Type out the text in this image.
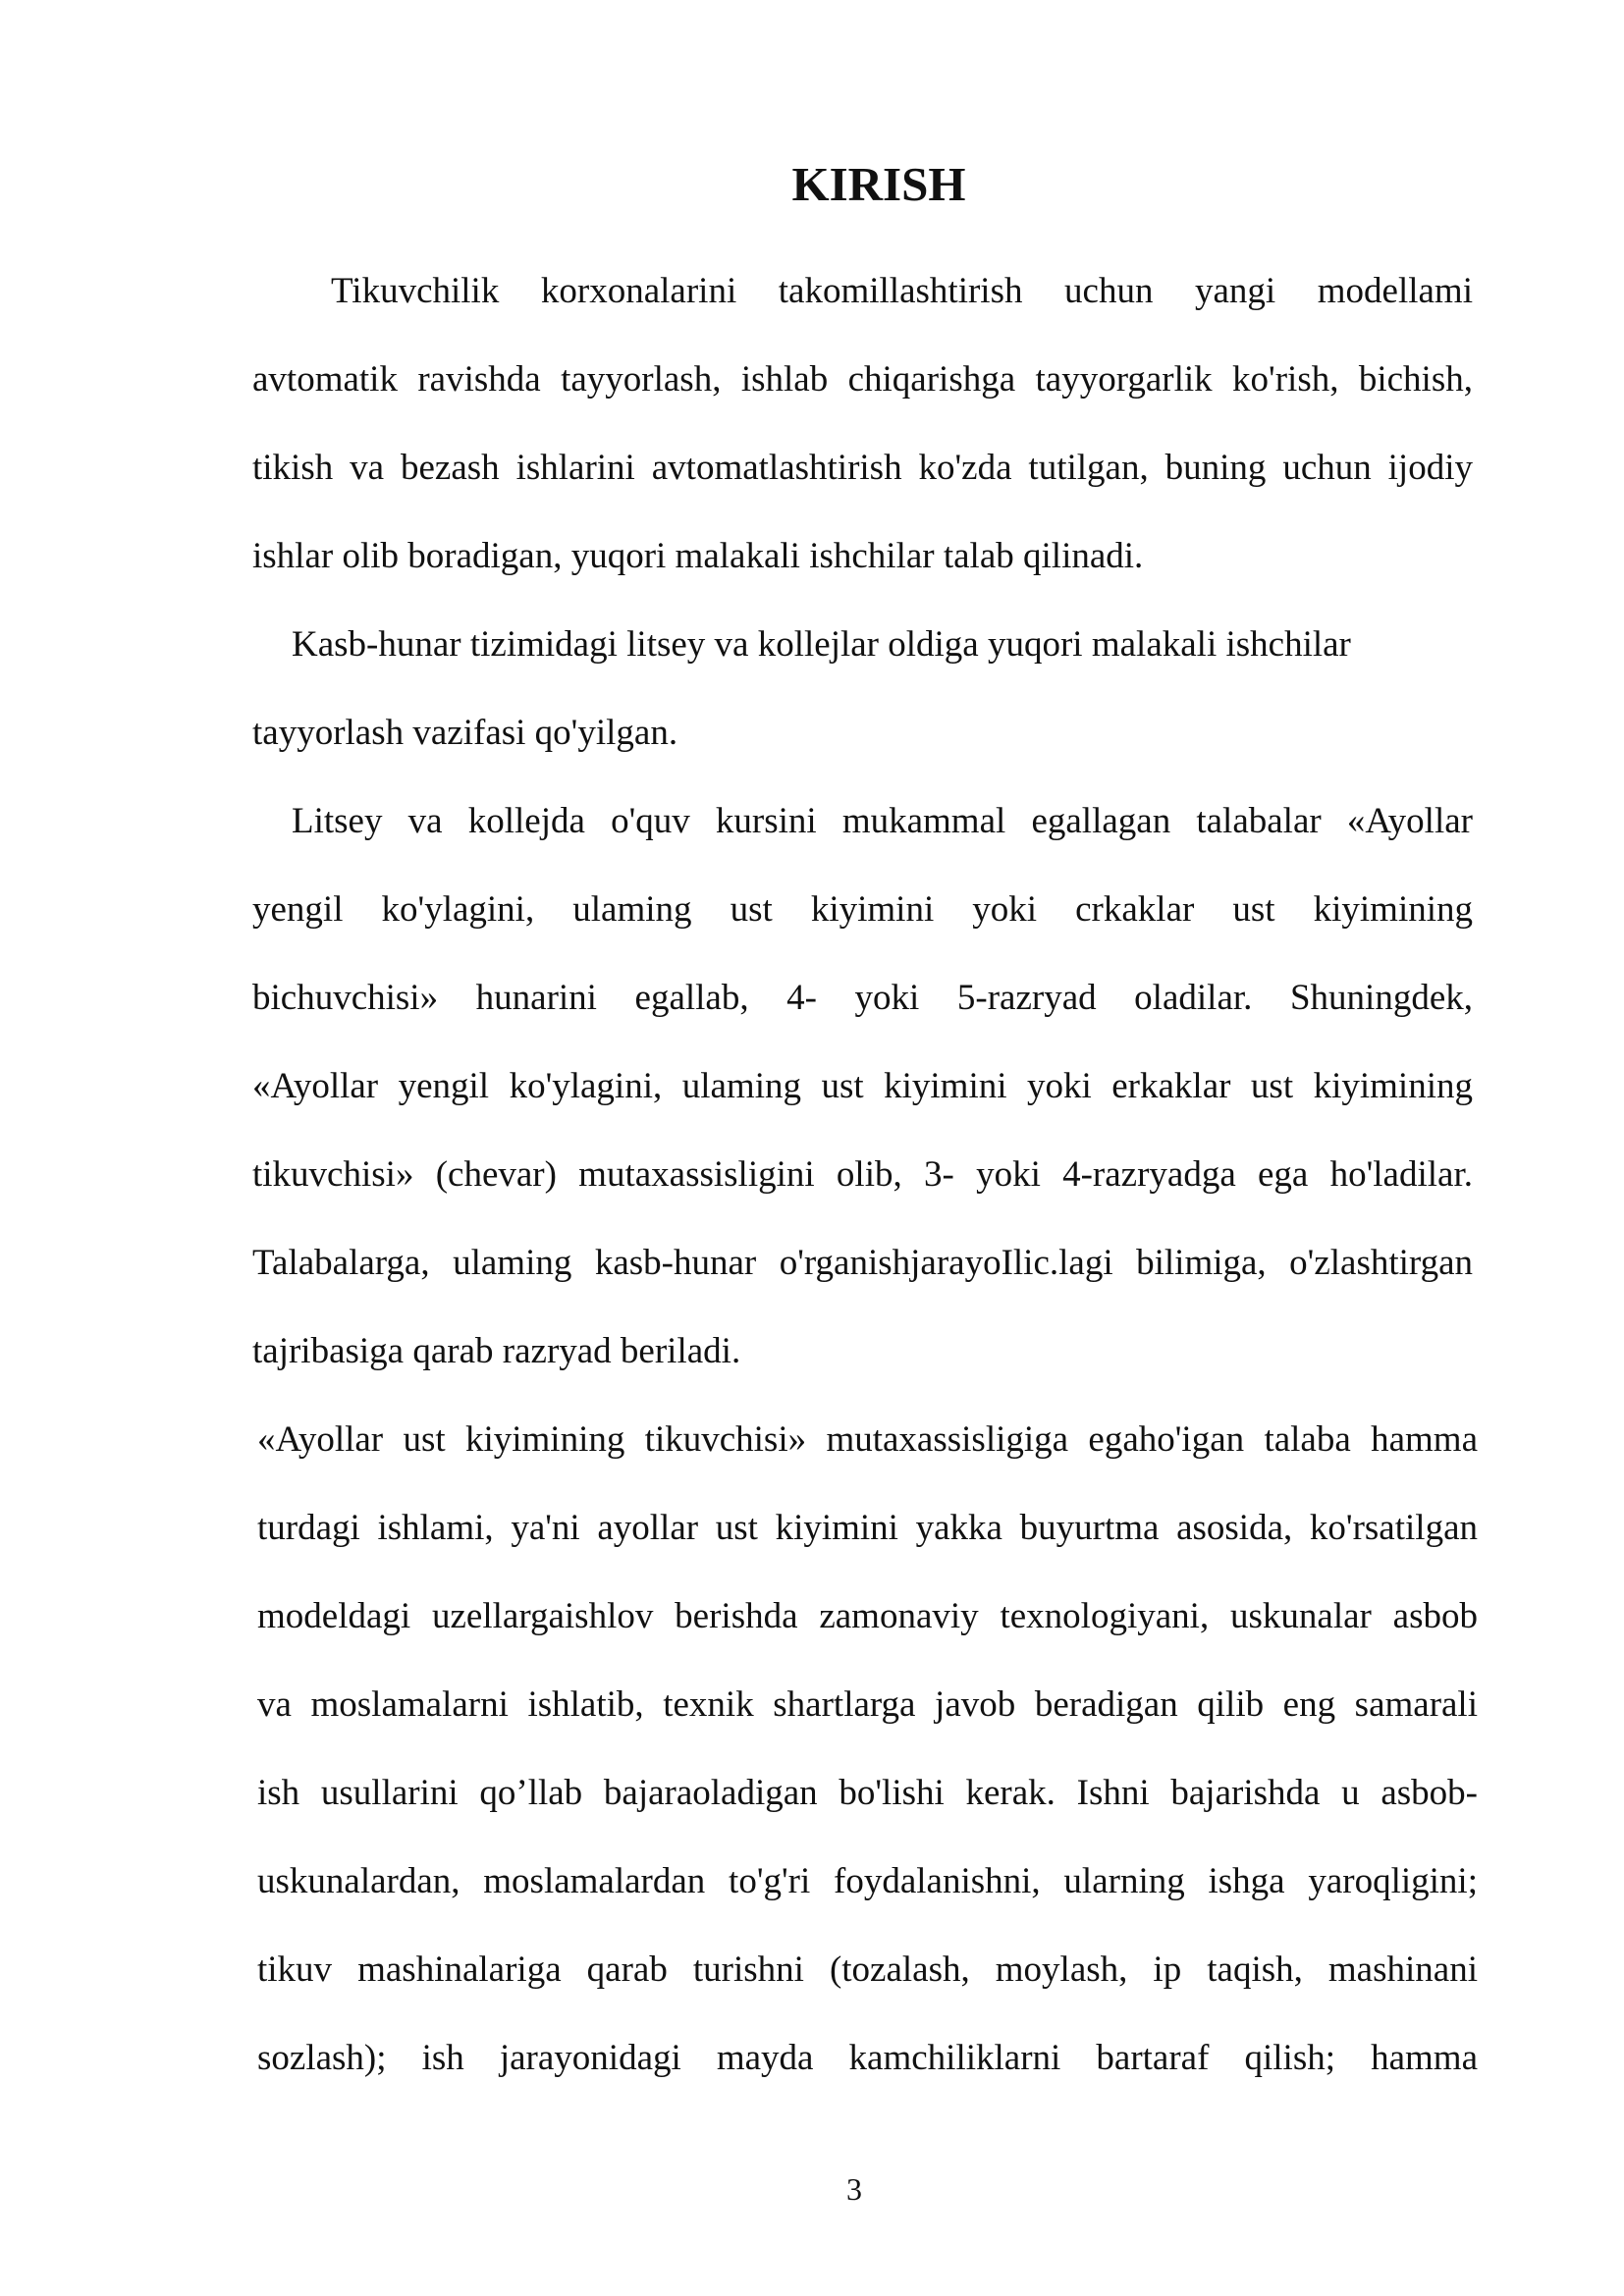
KIRISH
Tikuvchilik korxonalarini takomillashtirish uchun yangi modellami
avtomatik ravishda tayyorlash, ishlab chiqarishga tayyorgarlik ko'rish, bichish,
tikish va bezash ishlarini avtomatlashtirish ko'zda tutilgan, buning uchun ijodiy
ishlar olib boradigan, yuqori malakali ishchilar talab qilinadi.
Kasb-hunar tizimidagi litsey va kollejlar oldiga yuqori malakali ishchilar
tayyorlash vazifasi qo'yilgan.
Litsey va kollejda o'quv kursini mukammal egallagan talabalar «Ayollar
yengil ko'ylagini, ulaming ust kiyimini yoki crkaklar ust kiyimining
bichuvchisi» hunarini egallab, 4- yoki 5-razryad oladilar. Shuningdek,
«Ayollar yengil ko'ylagini, ulaming ust kiyimini yoki erkaklar ust kiyimining
tikuvchisi» (chevar) mutaxassisligini olib, 3- yoki 4-razryadga ega ho'ladilar.
Talabalarga, ulaming kasb-hunar o'rganishjarayoIlic.lagi bilimiga, o'zlashtirgan
tajribasiga qarab razryad beriladi.
«Ayollar ust kiyimining tikuvchisi» mutaxassisligiga egaho'igan talaba hamma
turdagi ishlami, ya'ni ayollar ust kiyimini yakka buyurtma asosida, ko'rsatilgan
modeldagi uzellargaishlov berishda zamonaviy texnologiyani, uskunalar asbob
va moslamalarni ishlatib, texnik shartlarga javob beradigan qilib eng samarali
ish usullarini qo’llab bajaraoladigan bo'lishi kerak. Ishni bajarishda u asbob-
uskunalardan, moslamalardan to'g'ri foydalanishni, ularning ishga yaroqligini;
tikuv mashinalariga qarab turishni (tozalash, moylash, ip taqish, mashinani
sozlash); ish jarayonidagi mayda kamchiliklarni bartaraf qilish; hamma
3
